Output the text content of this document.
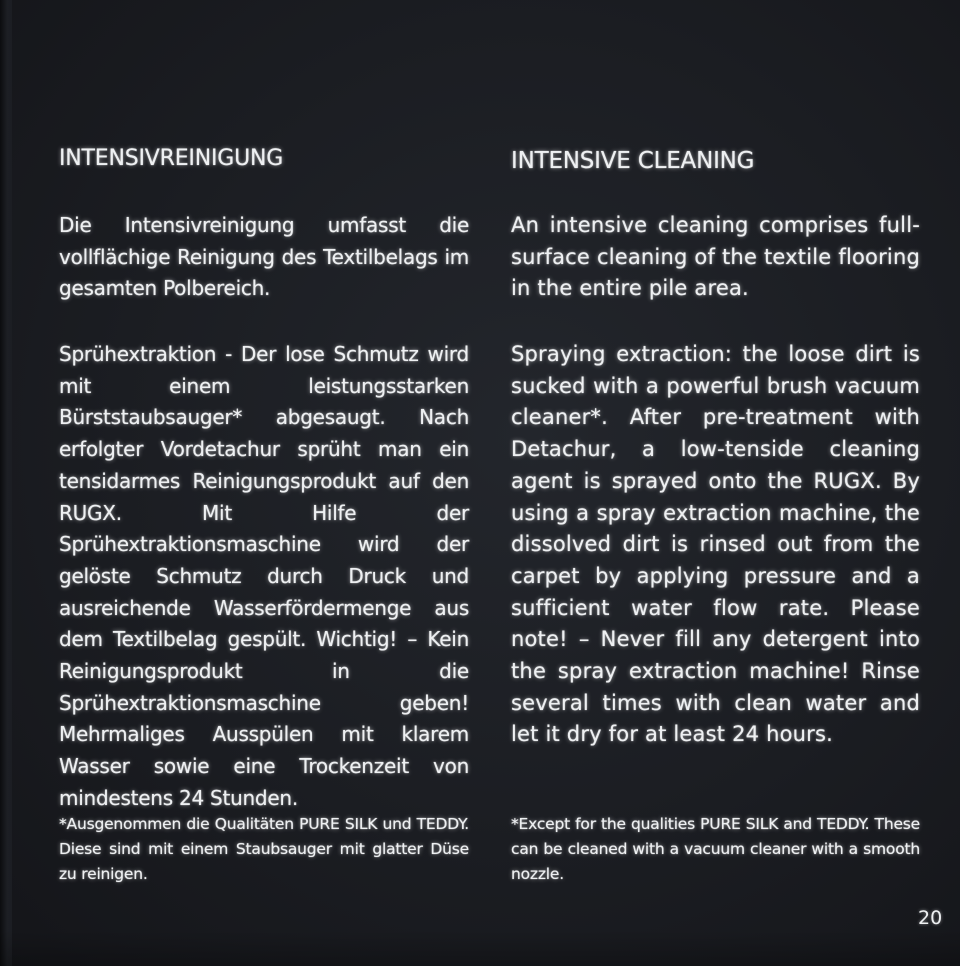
INTENSIVREINIGUNG

Die Intensivreinigung umfasst die vollflächige Reinigung des Textilbelags im gesamten Polbereich.

Sprühextraktion - Der lose Schmutz wird mit einem leistungsstarken Bürststaubsauger* abgesaugt. Nach erfolgter Vordetachur sprüht man ein tensidarmes Reinigungsprodukt auf den RUGX. Mit Hilfe der Sprühextraktionsmaschine wird der gelöste Schmutz durch Druck und ausreichende Wasserfördermenge aus dem Textilbelag gespült. Wichtig! – Kein Reinigungsprodukt in die Sprühextraktionsmaschine geben! Mehrmaliges Ausspülen mit klarem Wasser sowie eine Trockenzeit von mindestens 24 Stunden.

*Ausgenommen die Qualitäten PURE SILK und TEDDY. Diese sind mit einem Staubsauger mit glatter Düse zu reinigen.

INTENSIVE CLEANING

An intensive cleaning comprises full-surface cleaning of the textile flooring in the entire pile area.

Spraying extraction: the loose dirt is sucked with a powerful brush vacuum cleaner*. After pre-treatment with Detachur, a low-tenside cleaning agent is sprayed onto the RUGX. By using a spray extraction machine, the dissolved dirt is rinsed out from the carpet by applying pressure and a sufficient water flow rate. Please note! – Never fill any detergent into the spray extraction machine! Rinse several times with clean water and let it dry for at least 24 hours.

*Except for the qualities PURE SILK and TEDDY. These can be cleaned with a vacuum cleaner with a smooth nozzle.

20
